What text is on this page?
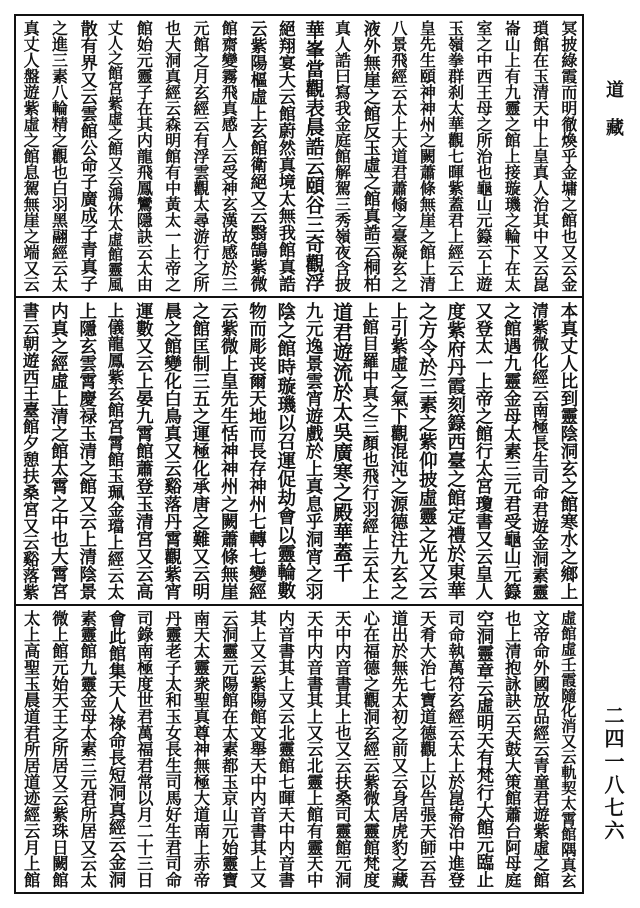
冥披綠霞而明徹煥乎金墉之館也又云金
瑣館在玉清天中上皇真人治其中又云崑
崙山上有九靈之館上接璇璣之輪下在太
室之中西王母之所治也龜山元籙云上遊
玉嶺拳群刹太華觀七暉紫蓋君上經云上
皇先生頤神神州之闕蕭條無崖之館上清
八景飛經云太上大道君蕭翛之臺凝玄之
液外無崖之館反玉虛之館真誥云桐柏
真人誥曰寫我金庭館解駕三秀嶺夜含披
華峯當觀表晨誥云頤谷三奇觀浮
絕翔宴大云館蔚然真境太無我館真誥
云紫陽樞虛上玄館衛絕又云翳鵠紫微
館齋變霧飛真感人云受神玄漢故感於三
元館之月玄經云有浮雲觀太尋游行之所
也大洞真經云森明館有中黃太一上帝之
館始元靈子在其内龍飛鳳鸞隱訣云太由
丈人之館宮紫虛之館又云鴻休太虛館靈風
散有界又云雲館公命子廣成子青真子
之進三素八輪精之觀也白羽黑翮經云太
真丈人盤遊紫虛之館息駕無崖之端又云
本真丈人比到靈陰洞玄之館寒水之鄉上
清紫微化經云南極長生司命君遊金洞素靈
之館遇九靈金母太素三元君受龜山元籙
又登太一上帝之館行太宮瓊書又云皇人
度紫府丹霞刻籙西臺之館定禮於東華
之方令於三素之紫仰披虛靈之光又云
上引紫虛之氣下觀混沌之源德注九玄之
上館目羅中真之三顏也飛行羽經上云太上
道君遊流於太吳廣寒之殿華蓋千
九元逸景雲宵遊戲於上真息乎洞宵之羽
陰之館時璇璣以召運促劫會以靈輪數
物而彫丧爾天地而長存神州七轉七變經
云紫微上皇先生恬神神州之闕蕭條無崖
之館匡制三五之運極化承唐之難又云明
晨之館變化白鳥真又云谿落丹霄觀紫宵
運數又云上晏九霄館蕭登玉清宮又云高
上儀龍鳳紫玄館宮霄館玉珮金璫上經云太
上隱玄雲霄慶禄玉清之館又云上清陰景
内真之經虛上清之館太霄之中也大霄宮
書云朝遊西王臺館夕憩扶桑宮又云谿落紫
虛館虛壬霞隨化消又云軌契太霄館隅真玄
文帝命外國放品經云青童君遊紫虛之館
也上清抱詠訣云天鼓大策館蕭台阿母庭
空洞靈章云虛明天有梵行大館元臨止
司命執萬符玄經云太上於崑崙治中進登
天肴大治七寶道德觀上以告張天師云吾
道出於無先太初之前又云身居虎豹之藏
心在福德之觀洞玄經云紫微太靈館梵度
天中内音書其上也又云扶桑司靈館元洞
天中内音書其上又云北靈上館有靈天中
内音書其上又云北靈館七暉天中内音書
其上又云紫陽館文舉天中内音書其上又
云洞靈元陽館在太素都玉京山元始靈寶
南天太靈衆聖真尊神無極大道南上赤帝
丹靈老子太和玉女長生司馬好生君司命
司錄南極度世君萬福君常以月二十三日
會此館集天人祿命長短洞真經云金洞
素靈館九靈金母太素三元君所居又云太
微上館元始天王之所居又云紫珠日闕館
太上高聖玉晨道君所居道迹經云月上館
道
藏
二四一八七六
